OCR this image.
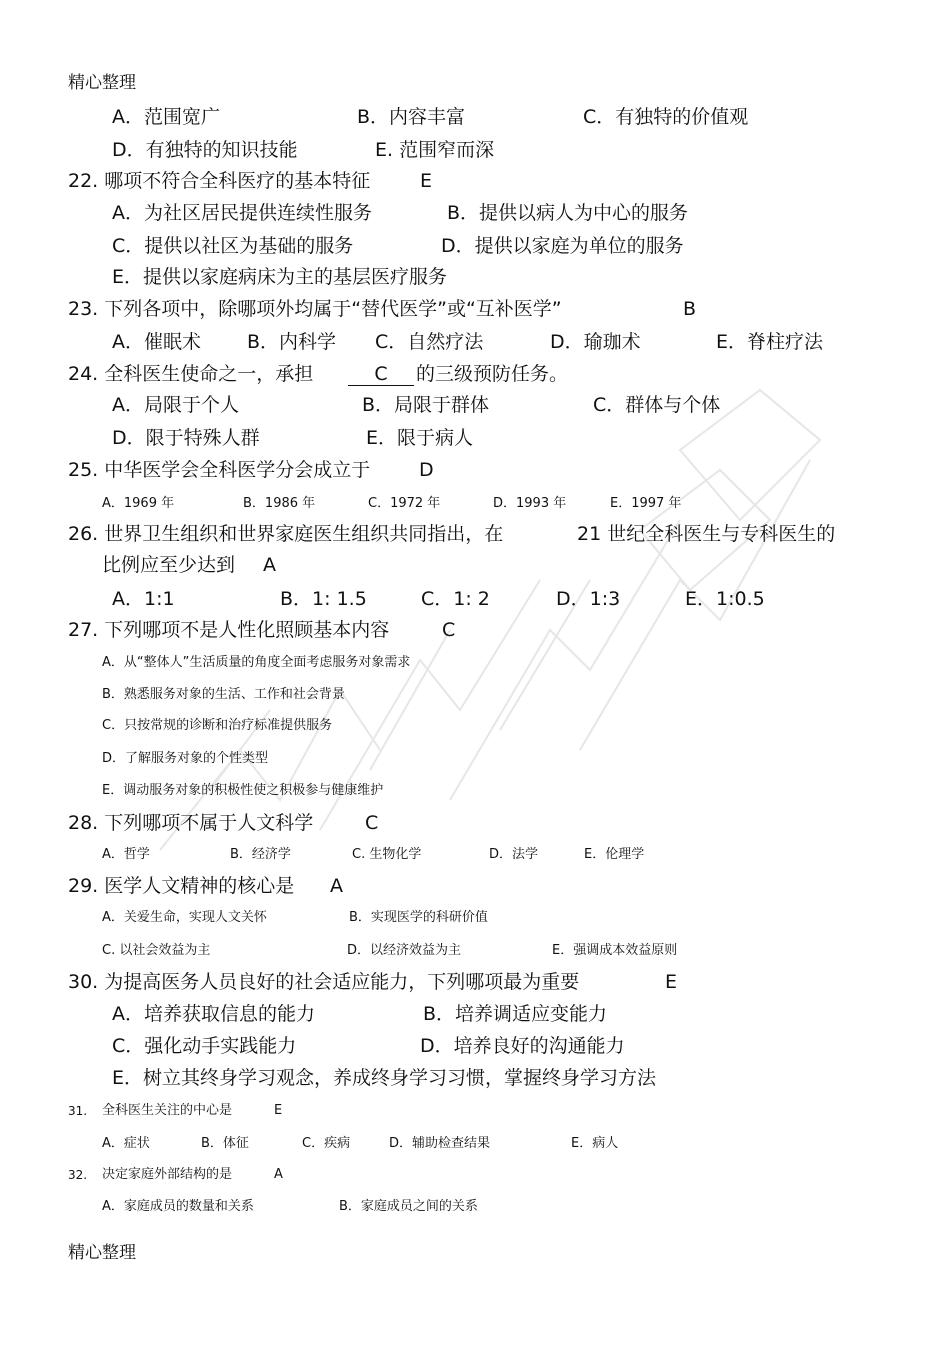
精心整理
A．范围宽广	B．内容丰富	C．有独特的价值观
D．有独特的知识技能	E. 范围窄而深
22. 哪项不符合全科医疗的基本特征	E
A．为社区居民提供连续性服务	B．提供以病人为中心的服务
C．提供以社区为基础的服务	D．提供以家庭为单位的服务
E．提供以家庭病床为主的基层医疗服务
23. 下列各项中，除哪项外均属于“替代医学”或“互补医学”	B
A．催眠术 B．内科学 C．自然疗法	D．瑜珈术	E．脊柱疗法
24. 全科医生使命之一，承担	C	的三级预防任务。
A．局限于个人	B．局限于群体	C．群体与个体
D．限于特殊人群	E．限于病人
25. 中华医学会全科医学分会成立于	D
A．1969 年	B．1986 年	C．1972 年	D．1993 年	E．1997 年
26. 世界卫生组织和世界家庭医生组织共同指出，在	21 世纪全科医生与专科医生的
比例应至少达到 A
A．1:1	B．1: 1.5	C．1: 2	D．1:3	E．1:0.5
27. 下列哪项不是人性化照顾基本内容	C
A．从“整体人”生活质量的角度全面考虑服务对象需求
B．熟悉服务对象的生活、工作和社会背景
C．只按常规的诊断和治疗标准提供服务
D．了解服务对象的个性类型
E．调动服务对象的积极性使之积极参与健康维护
28. 下列哪项不属于人文科学	C
A．哲学	B．经济学	C. 生物化学	D．法学	E．伦理学
29. 医学人文精神的核心是 A
A．关爱生命，实现人文关怀	B．实现医学的科研价值
C. 以社会效益为主	D．以经济效益为主	E．强调成本效益原则
30. 为提高医务人员良好的社会适应能力，下列哪项最为重要	E
A．培养获取信息的能力	B．培养调适应变能力
C．强化动手实践能力	D．培养良好的沟通能力
E．树立其终身学习观念，养成终身学习习惯，掌握终身学习方法
31. 全科医生关注的中心是	E
A．症状	B．体征	C．疾病	D．辅助检查结果	E．病人
32. 决定家庭外部结构的是	A
A．家庭成员的数量和关系	B．家庭成员之间的关系
精心整理
